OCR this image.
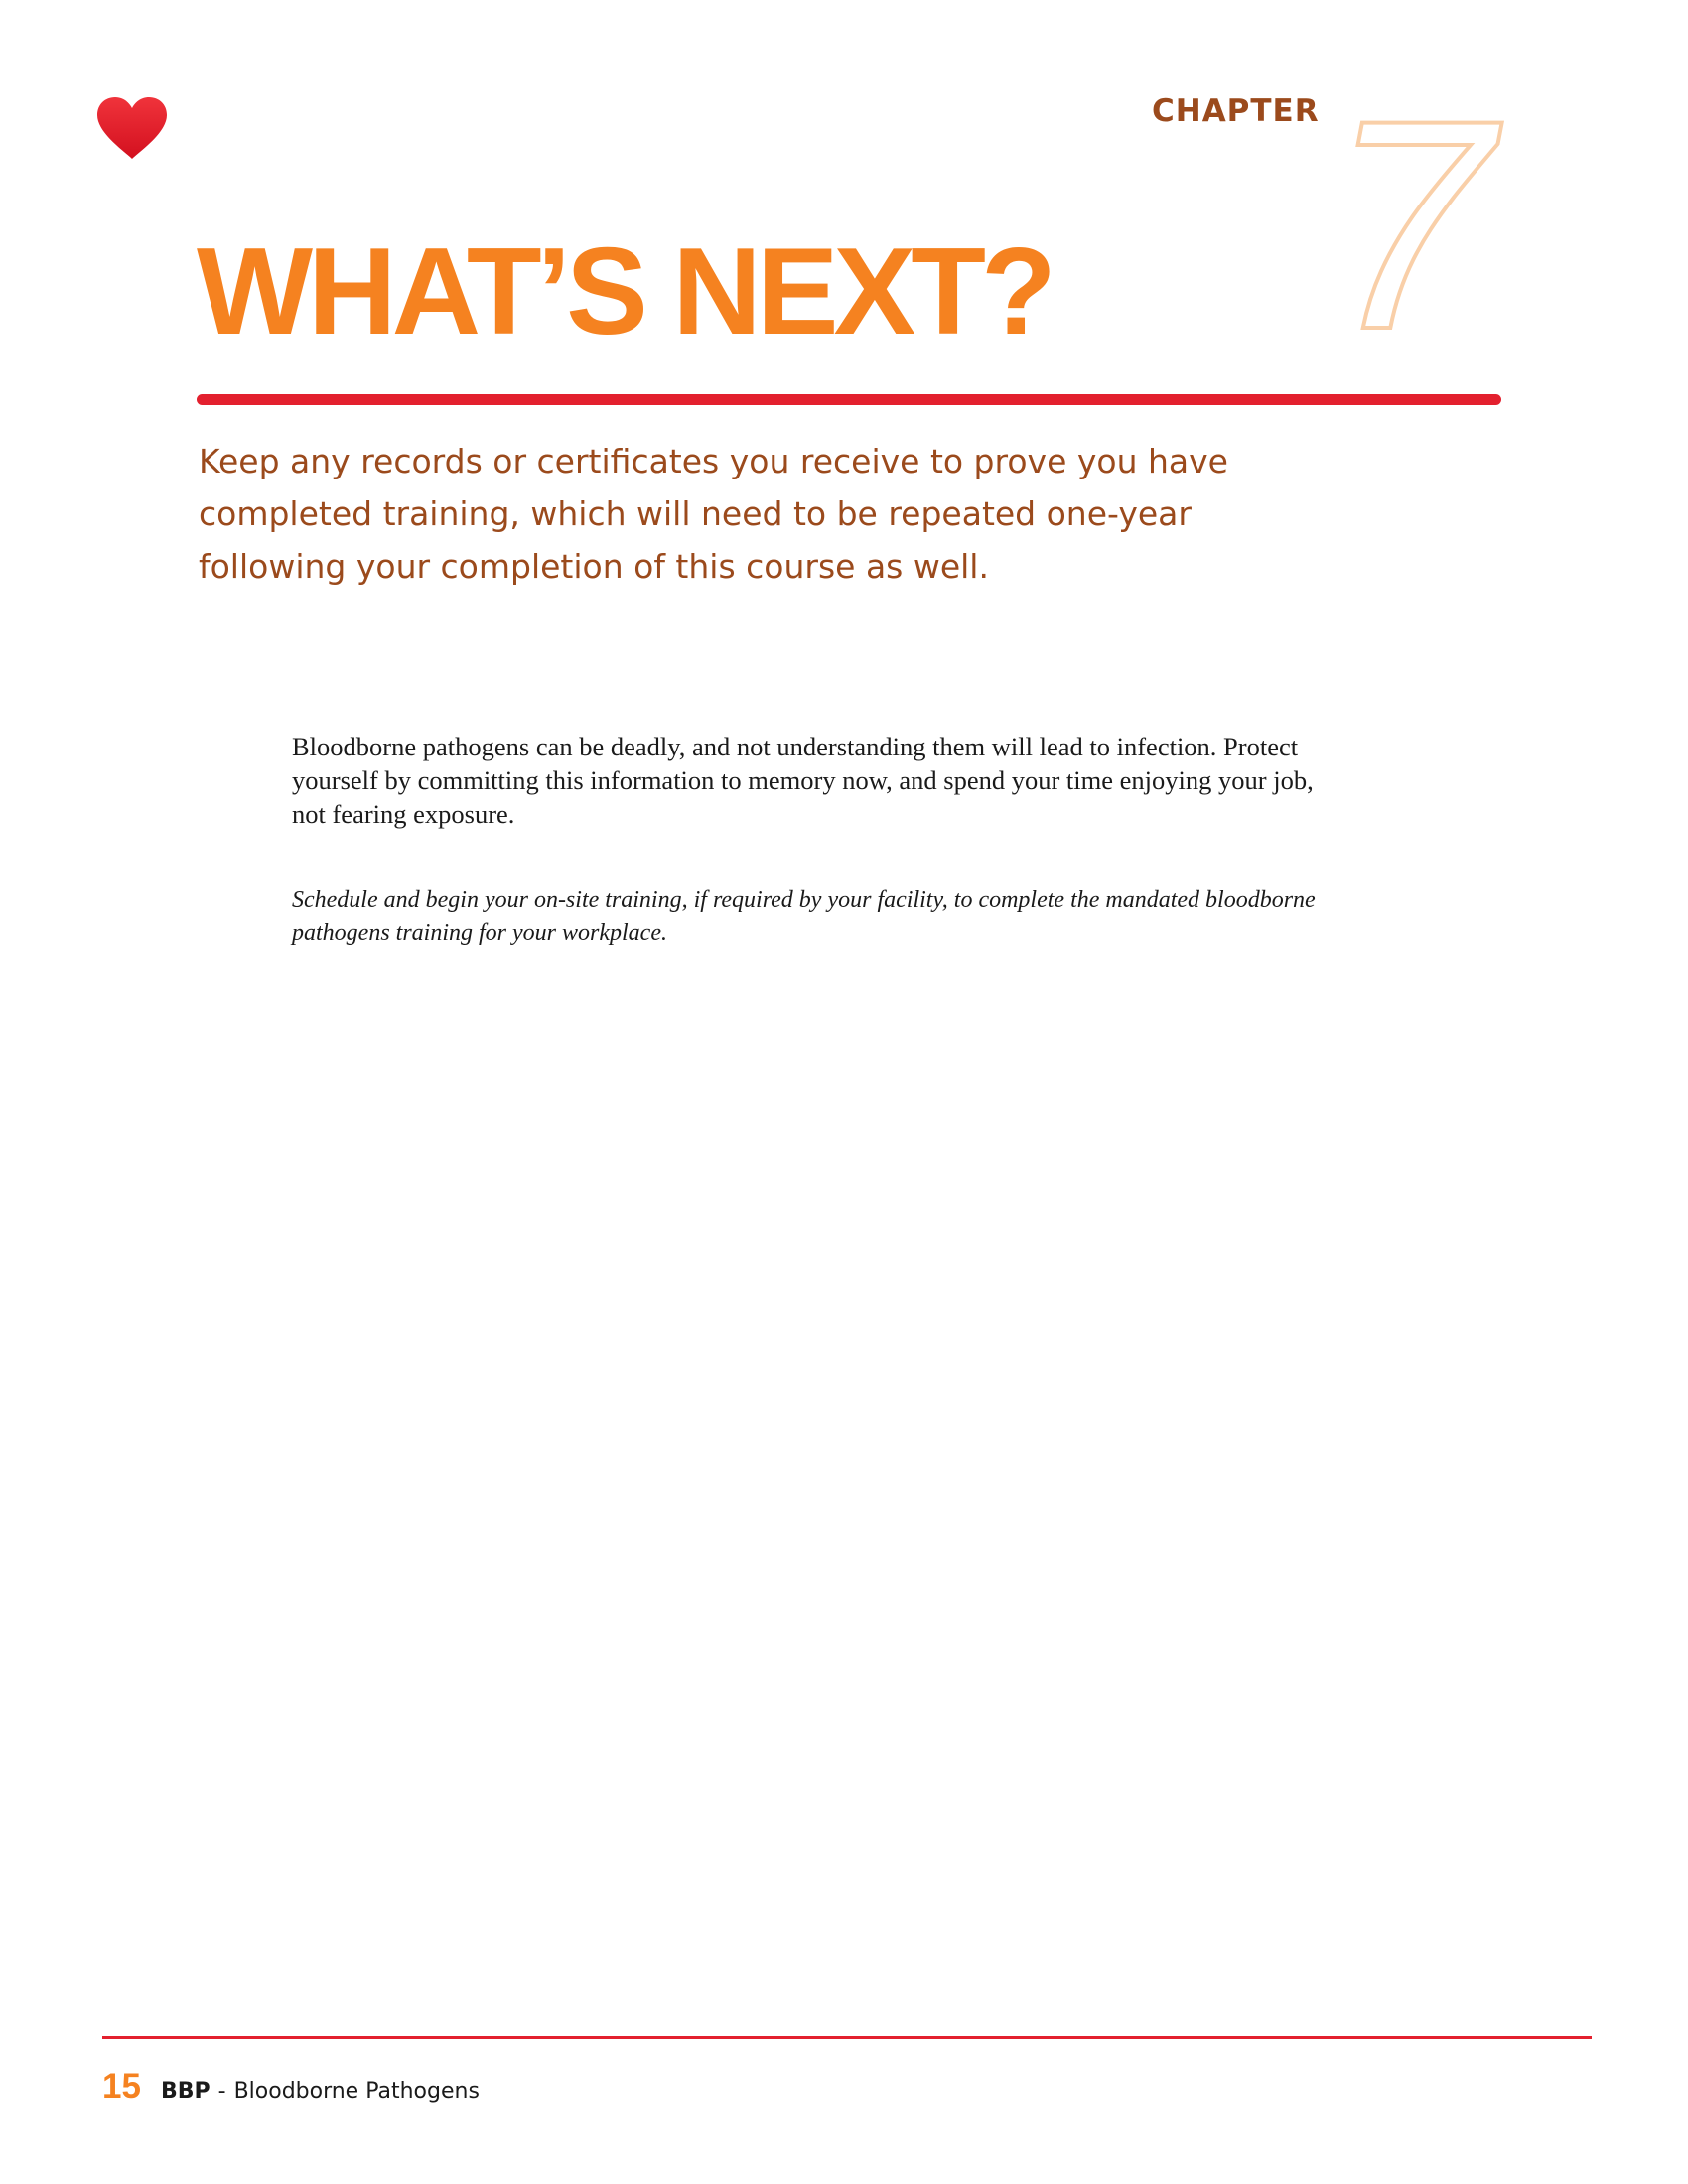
CHAPTER 7
WHAT’S NEXT?

Keep any records or certificates you receive to prove you have
completed training, which will need to be repeated one-year
following your completion of this course as well.

Bloodborne pathogens can be deadly, and not understanding them will lead to infection. Protect
yourself by committing this information to memory now, and spend your time enjoying your job,
not fearing exposure.

Schedule and begin your on-site training, if required by your facility, to complete the mandated bloodborne
pathogens training for your workplace.

15 BBP - Bloodborne Pathogens
